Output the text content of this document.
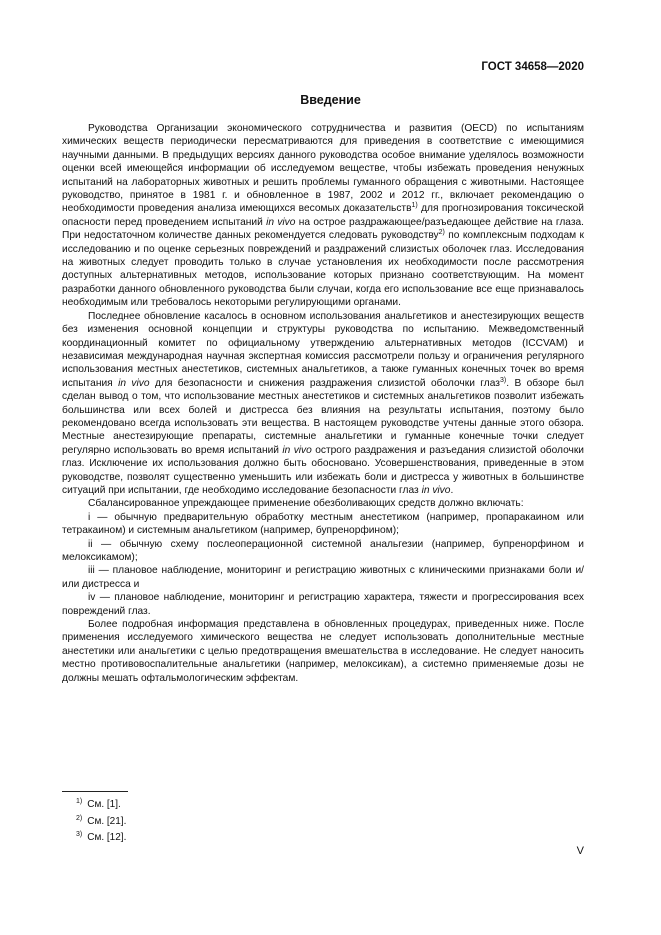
ГОСТ 34658—2020
Введение

Руководства Организации экономического сотрудничества и развития (OECD) по испытаниям химических веществ периодически пересматриваются для приведения в соответствие с имеющимися научными данными. В предыдущих версиях данного руководства особое внимание уделялось возможности оценки всей имеющейся информации об исследуемом веществе, чтобы избежать проведения ненужных испытаний на лабораторных животных и решить проблемы гуманного обращения с животными. Настоящее руководство, принятое в 1981 г. и обновленное в 1987, 2002 и 2012 гг., включает рекомендацию о необходимости проведения анализа имеющихся весомых доказательств$^{1)}$ для прогнозирования токсической опасности перед проведением испытаний in vivo на острое раздражающее/разъедающее действие на глаза. При недостаточном количестве данных рекомендуется следовать руководству$^{2)}$ по комплексным подходам к исследованию и по оценке серьезных повреждений и раздражений слизистых оболочек глаз. Исследования на животных следует проводить только в случае установления их необходимости после рассмотрения доступных альтернативных методов, использование которых признано соответствующим. На момент разработки данного обновленного руководства были случаи, когда его использование все еще признавалось необходимым или требовалось некоторыми регулирующими органами.

Последнее обновление касалось в основном использования анальгетиков и анестезирующих веществ без изменения основной концепции и структуры руководства по испытанию. Межведомственный координационный комитет по официальному утверждению альтернативных методов (ICCVAM) и независимая международная научная экспертная комиссия рассмотрели пользу и ограничения регулярного использования местных анестетиков, системных анальгетиков, а также гуманных конечных точек во время испытания in vivo для безопасности и снижения раздражения слизистой оболочки глаз$^{3)}$. В обзоре был сделан вывод о том, что использование местных анестетиков и системных анальгетиков позволит избежать большинства или всех болей и дистресса без влияния на результаты испытания, поэтому было рекомендовано всегда использовать эти вещества. В настоящем руководстве учтены данные этого обзора. Местные анестезирующие препараты, системные анальгетики и гуманные конечные точки следует регулярно использовать во время испытаний in vivo острого раздражения и разъедания слизистой оболочки глаз. Исключение их использования должно быть обосновано. Усовершенствования, приведенные в этом руководстве, позволят существенно уменьшить или избежать боли и дистресса у животных в большинстве ситуаций при испытании, где необходимо исследование безопасности глаз in vivo.

Сбалансированное упреждающее применение обезболивающих средств должно включать:

i — обычную предварительную обработку местным анестетиком (например, пропаракаином или тетракаином) и системным анальгетиком (например, бупренорфином);

ii — обычную схему послеоперационной системной анальгезии (например, бупренорфином и мелоксикамом);

iii — плановое наблюдение, мониторинг и регистрацию животных с клиническими признаками боли и/или дистресса и

iv — плановое наблюдение, мониторинг и регистрацию характера, тяжести и прогрессирования всех повреждений глаз.

Более подробная информация представлена в обновленных процедурах, приведенных ниже. После применения исследуемого химического вещества не следует использовать дополнительные местные анестетики или анальгетики с целью предотвращения вмешательства в исследование. Не следует наносить местно противовоспалительные анальгетики (например, мелоксикам), а системно применяемые дозы не должны мешать офтальмологическим эффектам.

$^{1)}$ См. [1].
$^{2)}$ См. [21].
$^{3)}$ См. [12].
V
